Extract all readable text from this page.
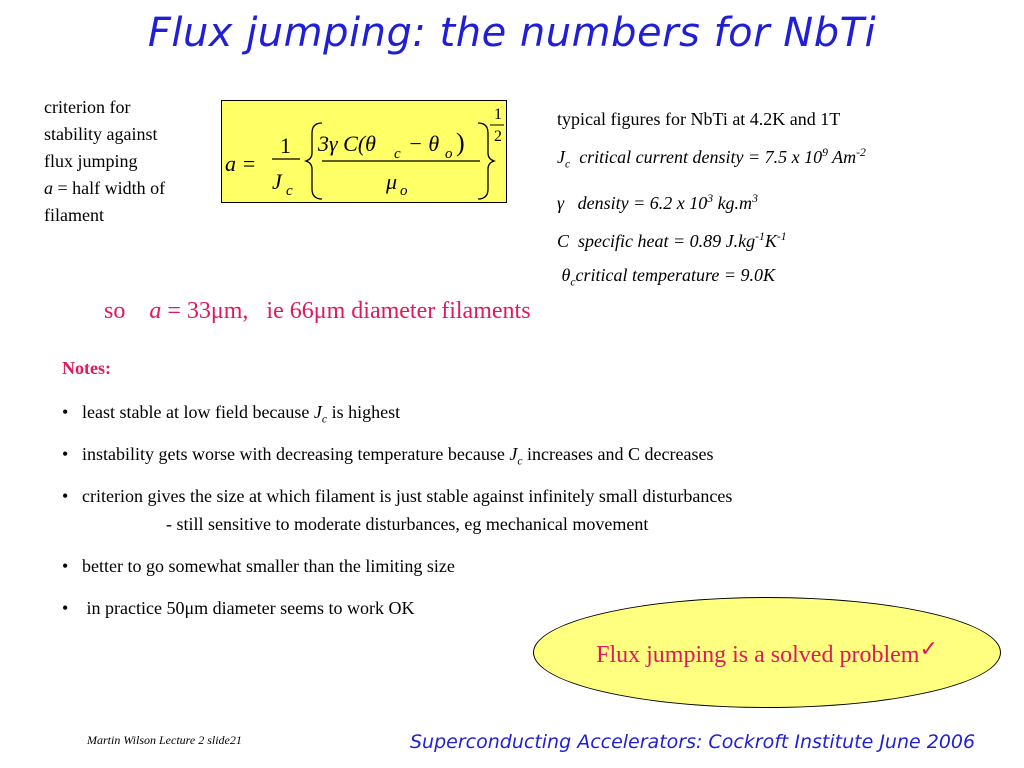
Flux jumping: the numbers for NbTi
criterion for
stability against
flux jumping
a = half width of
filament
a =
1
J c
3γ C(θ c − θ o )
μ o
1
2
typical figures for NbTi at 4.2K and 1T
$J_c$ critical current density = 7.5 x $10^9$ $Am^{-2}$
γ density = 6.2 x $10^3$ $kg.m^3$
C specific heat = 0.89 $J.kg^{-1}K^{-1}$
$\theta_ccritical$ temperature = 9.0K
so a = 33μm, ie 66μm diameter filaments
Notes:
• least stable at low field because $J_c$ is highest
• instability gets worse with decreasing temperature because $J_c$ increases and C decreases
• criterion gives the size at which filament is just stable against infinitely small disturbances
- still sensitive to moderate disturbances, eg mechanical movement
• better to go somewhat smaller than the limiting size
• in practice 50μm diameter seems to work OK
Flux jumping is a solved problem✓
Martin Wilson Lecture 2 slide21	Superconducting Accelerators: Cockroft Institute June 2006
